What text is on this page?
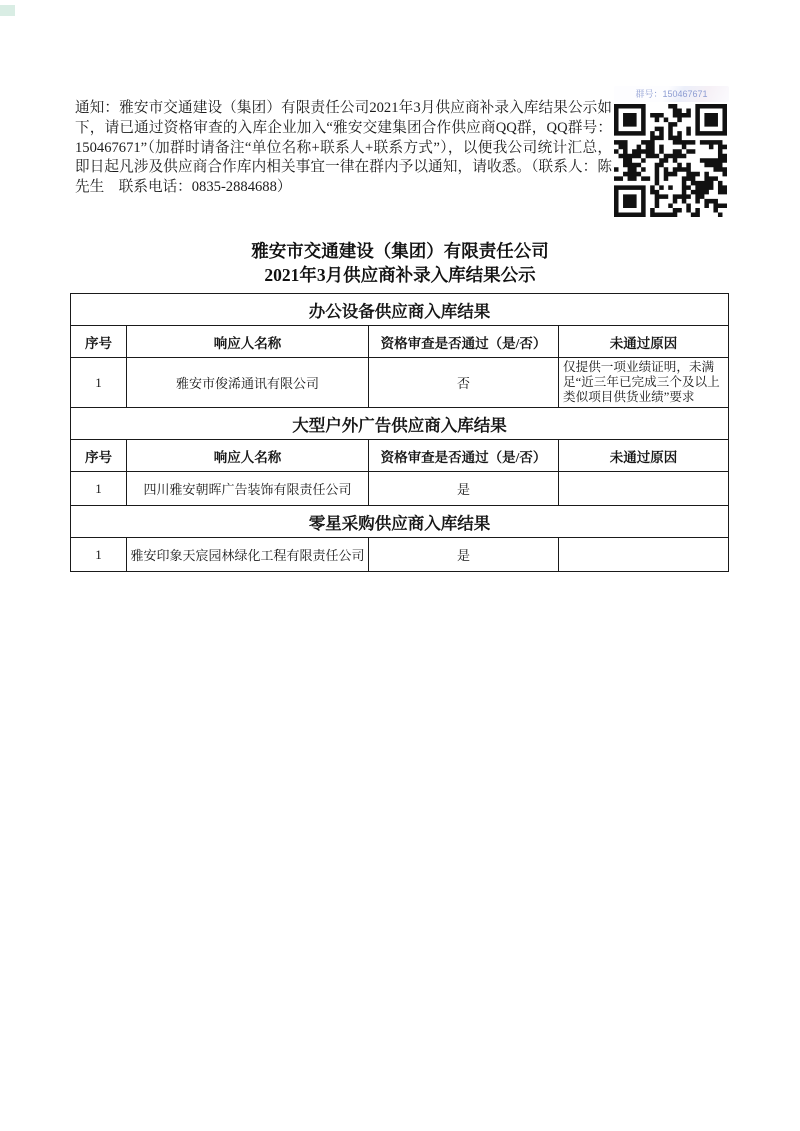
通知：雅安市交通建设（集团）有限责任公司2021年3月供应商补录入库结果公示如下，请已通过资格审查的入库企业加入“雅安交建集团合作供应商QQ群，QQ群号：150467671”（加群时请备注“单位名称+联系人+联系方式”），以便我公司统计汇总，即日起凡涉及供应商合作库内相关事宜一律在群内予以通知，请收悉。（联系人：陈先生　联系电话：0835-2884688）
群号：150467671
雅安市交通建设（集团）有限责任公司
2021年3月供应商补录入库结果公示
办公设备供应商入库结果			
序号	响应人名称	资格审查是否通过（是/否）	未通过原因
1	雅安市俊浠通讯有限公司	否	仅提供一项业绩证明，未满足“近三年已完成三个及以上类似项目供货业绩”要求
大型户外广告供应商入库结果			
序号	响应人名称	资格审查是否通过（是/否）	未通过原因
1	四川雅安朝晖广告装饰有限责任公司	是	
零星采购供应商入库结果			
1	雅安印象天宸园林绿化工程有限责任公司	是	
